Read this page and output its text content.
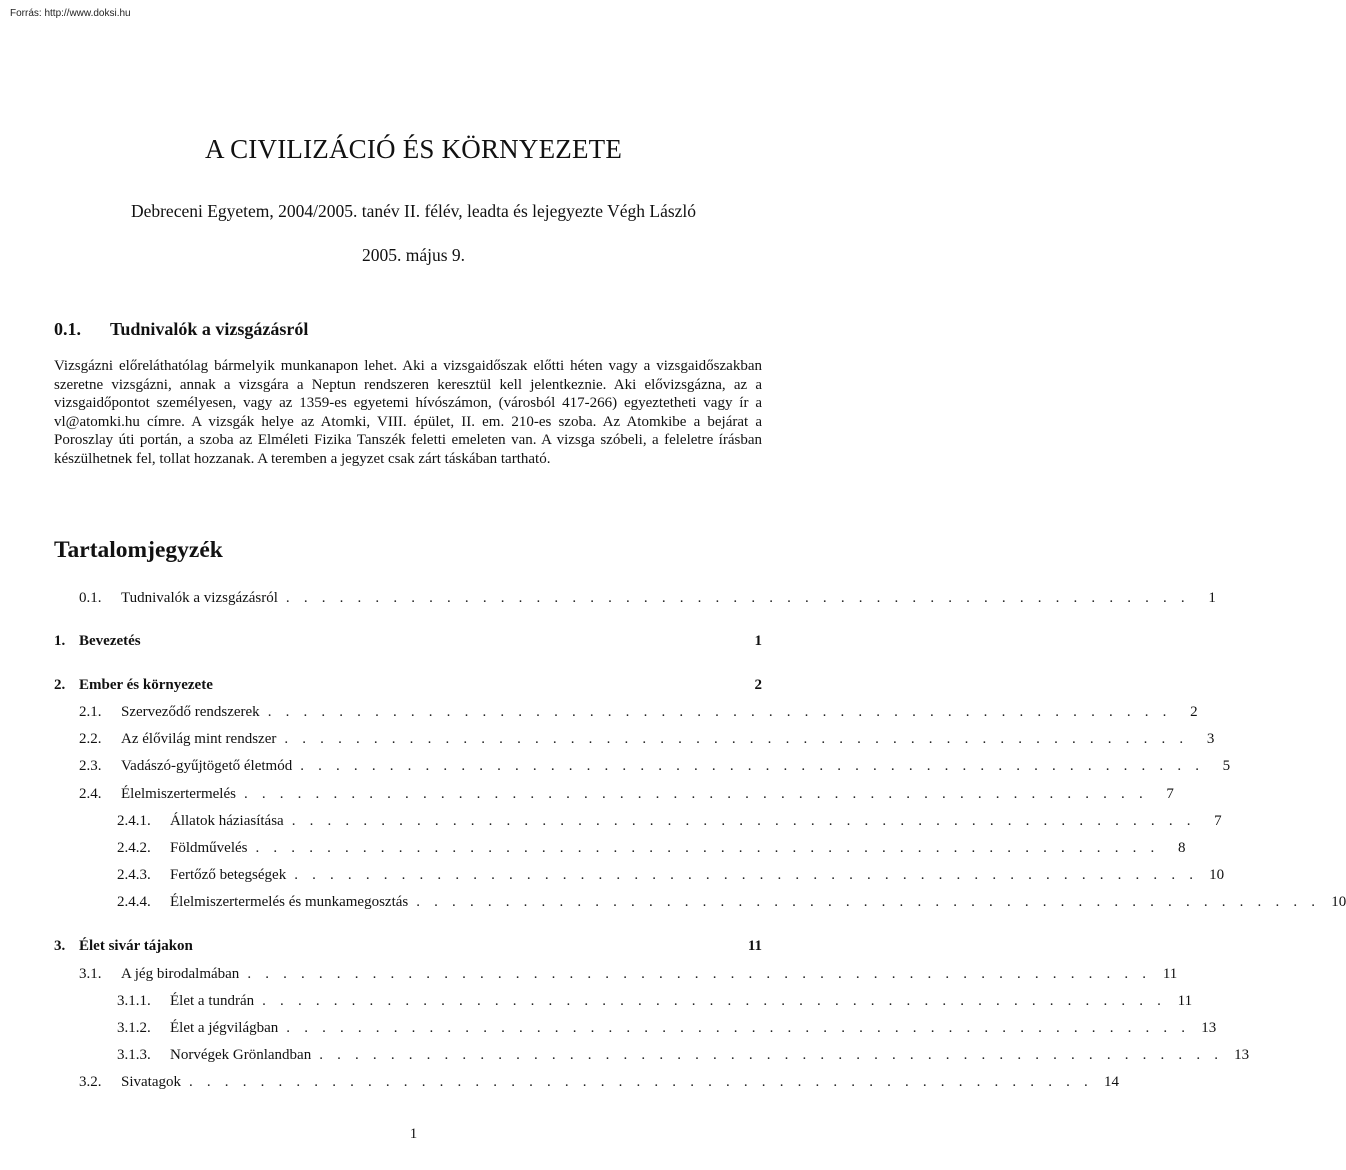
Forrás: http://www.doksi.hu
A CIVILIZÁCIÓ ÉS KÖRNYEZETE
Debreceni Egyetem, 2004/2005. tanév II. félév, leadta és lejegyezte Végh László
2005. május 9.
0.1. Tudnivalók a vizsgázásról
Vizsgázni előreláthatólag bármelyik munkanapon lehet. Aki a vizsgaidőszak előtti héten vagy a vizsgaidőszakban szeretne vizsgázni, annak a vizsgára a Neptun rendszeren keresztül kell jelentkeznie. Aki elővizsgázna, az a vizsgaidőpontot személyesen, vagy az 1359-es egyetemi hívószámon, (városból 417-266) egyeztetheti vagy ír a vl@atomki.hu címre. A vizsgák helye az Atomki, VIII. épület, II. em. 210-es szoba. Az Atomkibe a bejárat a Poroszlay úti portán, a szoba az Elméleti Fizika Tanszék feletti emeleten van. A vizsga szóbeli, a feleletre írásban készülhetnek fel, tollat hozzanak. A teremben a jegyzet csak zárt táskában tartható.
Tartalomjegyzék
0.1.	Tudnivalók a vizsgázásról . . . . . . . . . . . . . . . . . . . . . . . . . . . . . . . . . . . . . . . . . . . . . . . . . . .	1
1. Bevezetés	1
2. Ember és környezete	2
2.1.	Szerveződő rendszerek . . . . . . . . . . . . . . . . . . . . . . . . . . . . . . . . . . . . . . . . . . . . . . . . . . .	2
2.2.	Az élővilág mint rendszer . . . . . . . . . . . . . . . . . . . . . . . . . . . . . . . . . . . . . . . . . . . . . . . . . . .	3
2.3.	Vadászó-gyűjtögető életmód . . . . . . . . . . . . . . . . . . . . . . . . . . . . . . . . . . . . . . . . . . . . . . . . . . .	5
2.4.	Élelmiszertermelés . . . . . . . . . . . . . . . . . . . . . . . . . . . . . . . . . . . . . . . . . . . . . . . . . . .	7
2.4.1.	Állatok háziasítása . . . . . . . . . . . . . . . . . . . . . . . . . . . . . . . . . . . . . . . . . . . . . . . . . . .	7
2.4.2.	Földművelés . . . . . . . . . . . . . . . . . . . . . . . . . . . . . . . . . . . . . . . . . . . . . . . . . . .	8
2.4.3.	Fertőző betegségek . . . . . . . . . . . . . . . . . . . . . . . . . . . . . . . . . . . . . . . . . . . . . . . . . . . 10
2.4.4.	Élelmiszertermelés és munkamegosztás . . . . . . . . . . . . . . . . . . . . . . . . . . . . . . . . . . . . . . . . . . . . . . . . . . . 10
3. Élet sivár tájakon	11
3.1.	A jég birodalmában . . . . . . . . . . . . . . . . . . . . . . . . . . . . . . . . . . . . . . . . . . . . . . . . . . . 11
3.1.1.	Élet a tundrán . . . . . . . . . . . . . . . . . . . . . . . . . . . . . . . . . . . . . . . . . . . . . . . . . . . 11
3.1.2.	Élet a jégvilágban . . . . . . . . . . . . . . . . . . . . . . . . . . . . . . . . . . . . . . . . . . . . . . . . . . . 13
3.1.3.	Norvégek Grönlandban . . . . . . . . . . . . . . . . . . . . . . . . . . . . . . . . . . . . . . . . . . . . . . . . . . . 13
3.2.	Sivatagok . . . . . . . . . . . . . . . . . . . . . . . . . . . . . . . . . . . . . . . . . . . . . . . . . . . 14
1
